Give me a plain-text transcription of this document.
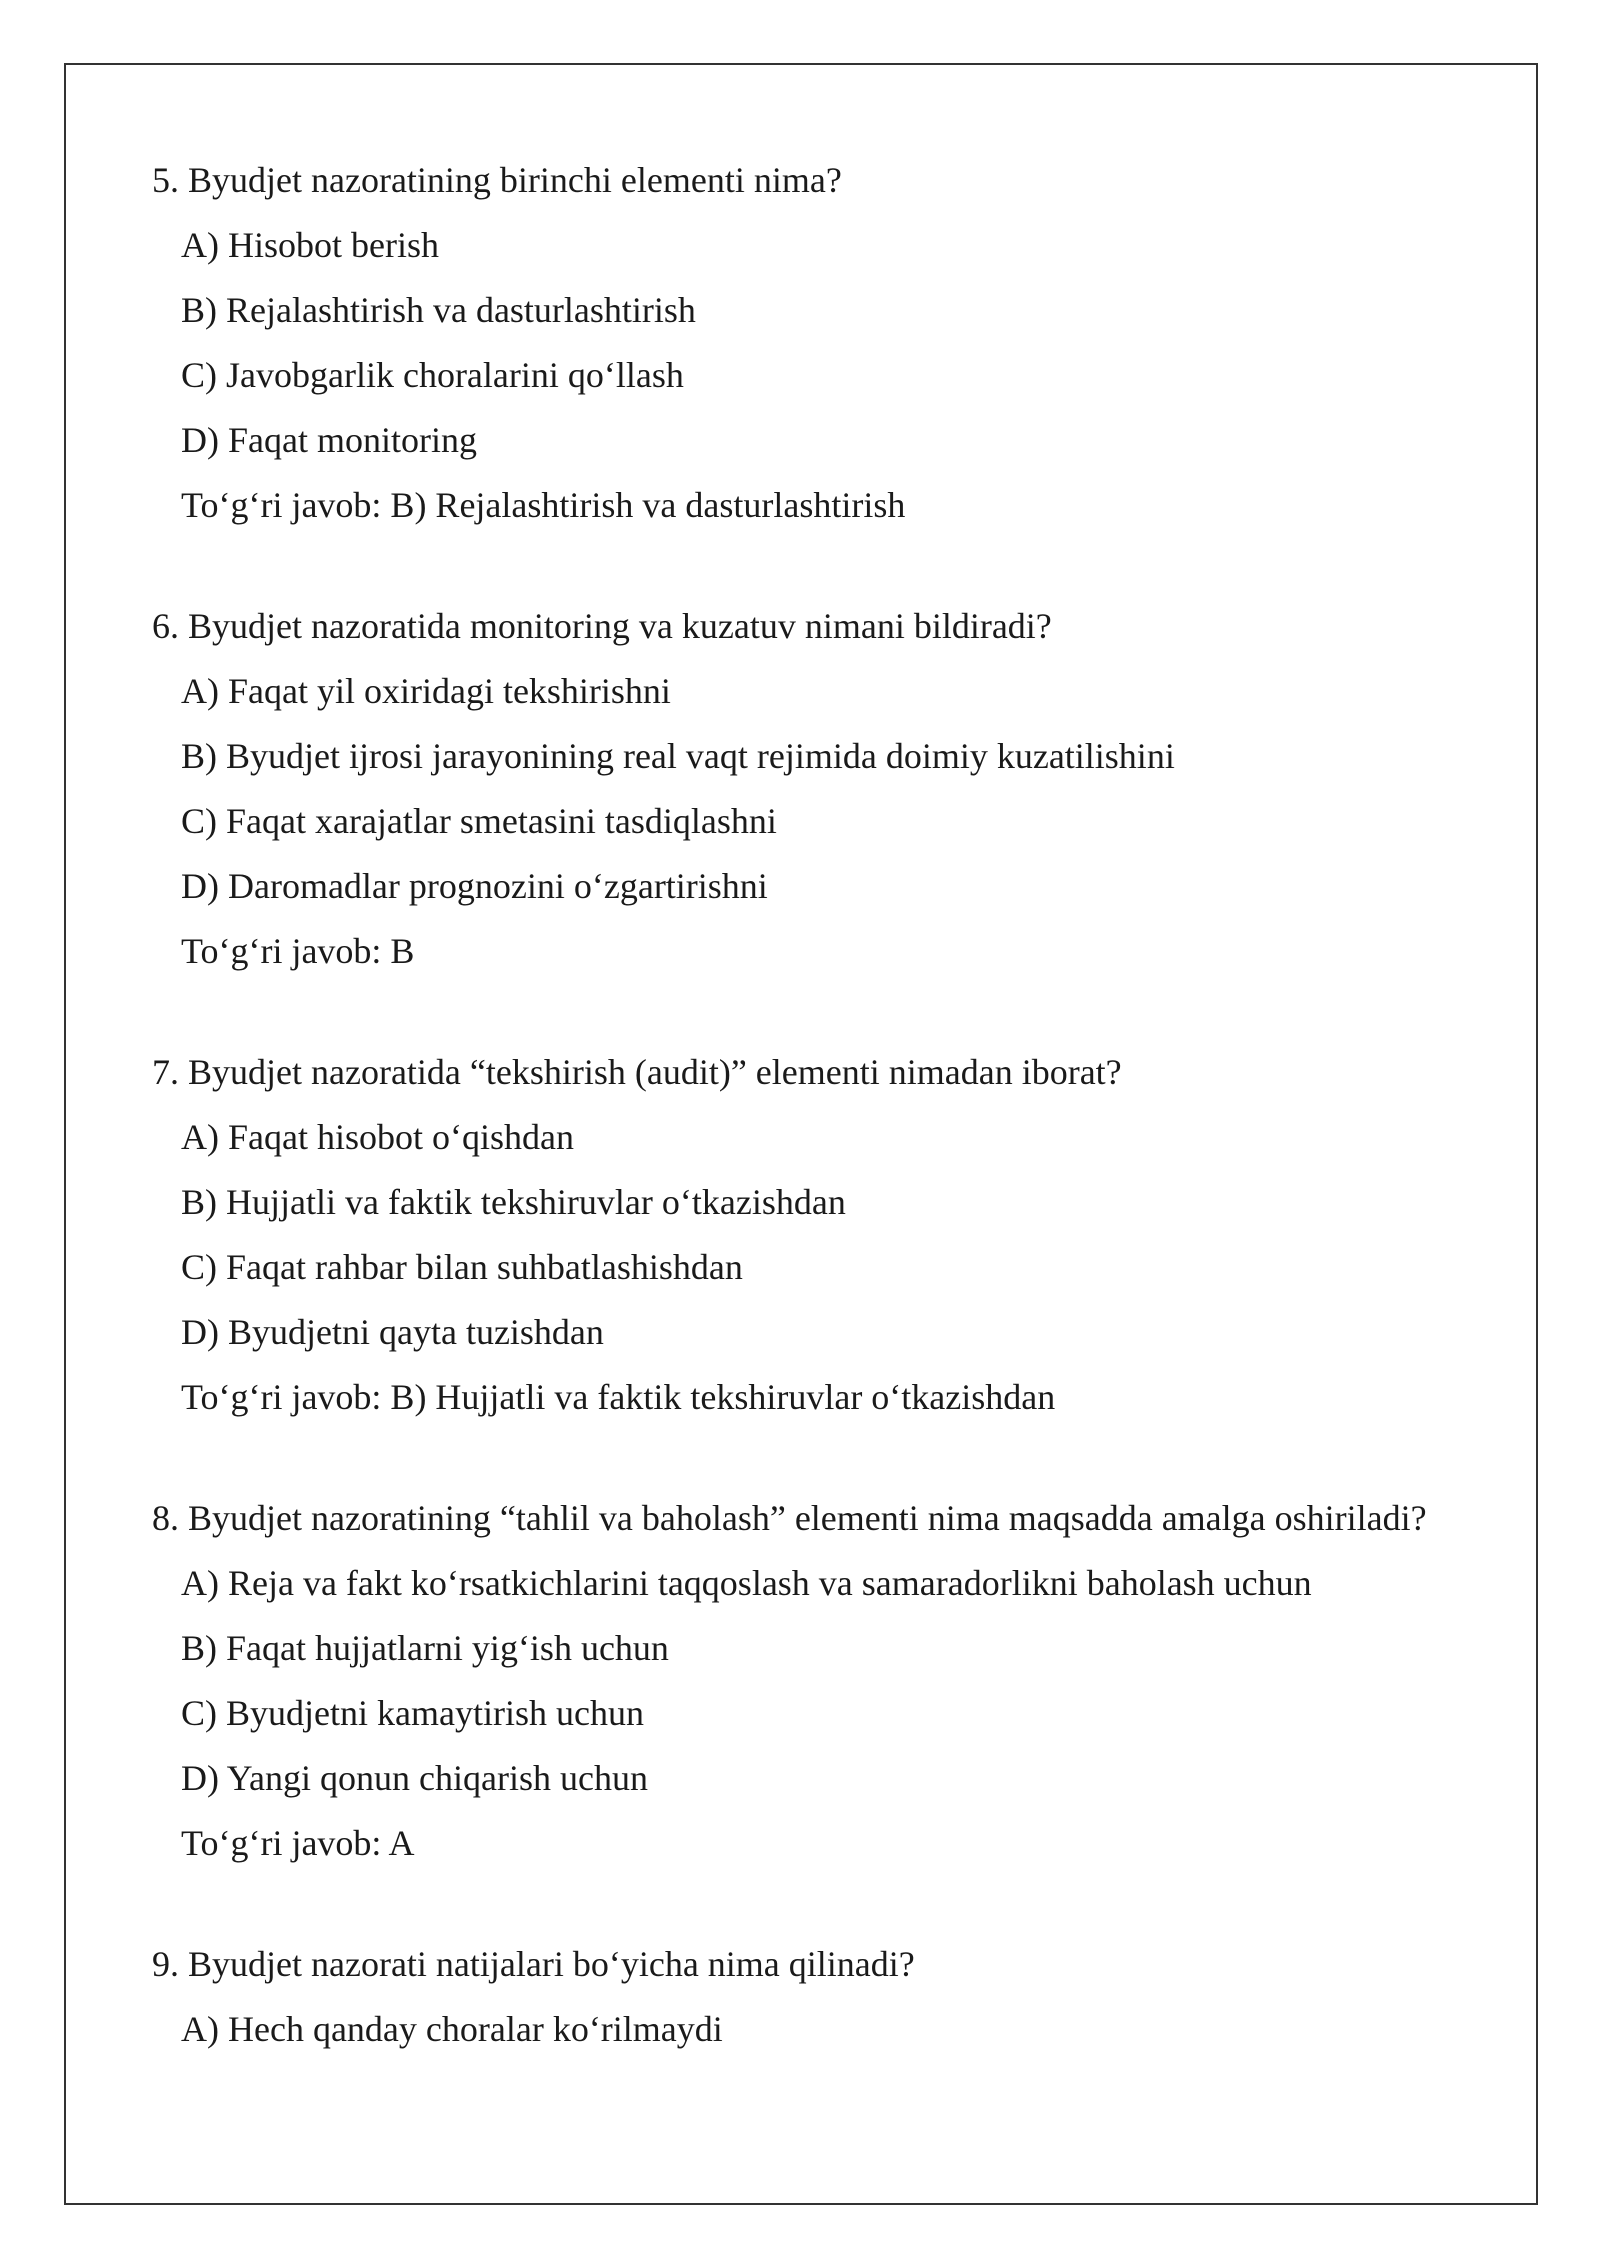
5. Byudjet nazoratining birinchi elementi nima?
A) Hisobot berish
B) Rejalashtirish va dasturlashtirish
C) Javobgarlik choralarini qo‘llash
D) Faqat monitoring
To‘g‘ri javob: B) Rejalashtirish va dasturlashtirish
6. Byudjet nazoratida monitoring va kuzatuv nimani bildiradi?
A) Faqat yil oxiridagi tekshirishni
B) Byudjet ijrosi jarayonining real vaqt rejimida doimiy kuzatilishini
C) Faqat xarajatlar smetasini tasdiqlashni
D) Daromadlar prognozini o‘zgartirishni
To‘g‘ri javob: B
7. Byudjet nazoratida “tekshirish (audit)” elementi nimadan iborat?
A) Faqat hisobot o‘qishdan
B) Hujjatli va faktik tekshiruvlar o‘tkazishdan
C) Faqat rahbar bilan suhbatlashishdan
D) Byudjetni qayta tuzishdan
To‘g‘ri javob: B) Hujjatli va faktik tekshiruvlar o‘tkazishdan
8. Byudjet nazoratining “tahlil va baholash” elementi nima maqsadda amalga oshiriladi?
A) Reja va fakt ko‘rsatkichlarini taqqoslash va samaradorlikni baholash uchun
B) Faqat hujjatlarni yig‘ish uchun
C) Byudjetni kamaytirish uchun
D) Yangi qonun chiqarish uchun
To‘g‘ri javob: A
9. Byudjet nazorati natijalari bo‘yicha nima qilinadi?
A) Hech qanday choralar ko‘rilmaydi
